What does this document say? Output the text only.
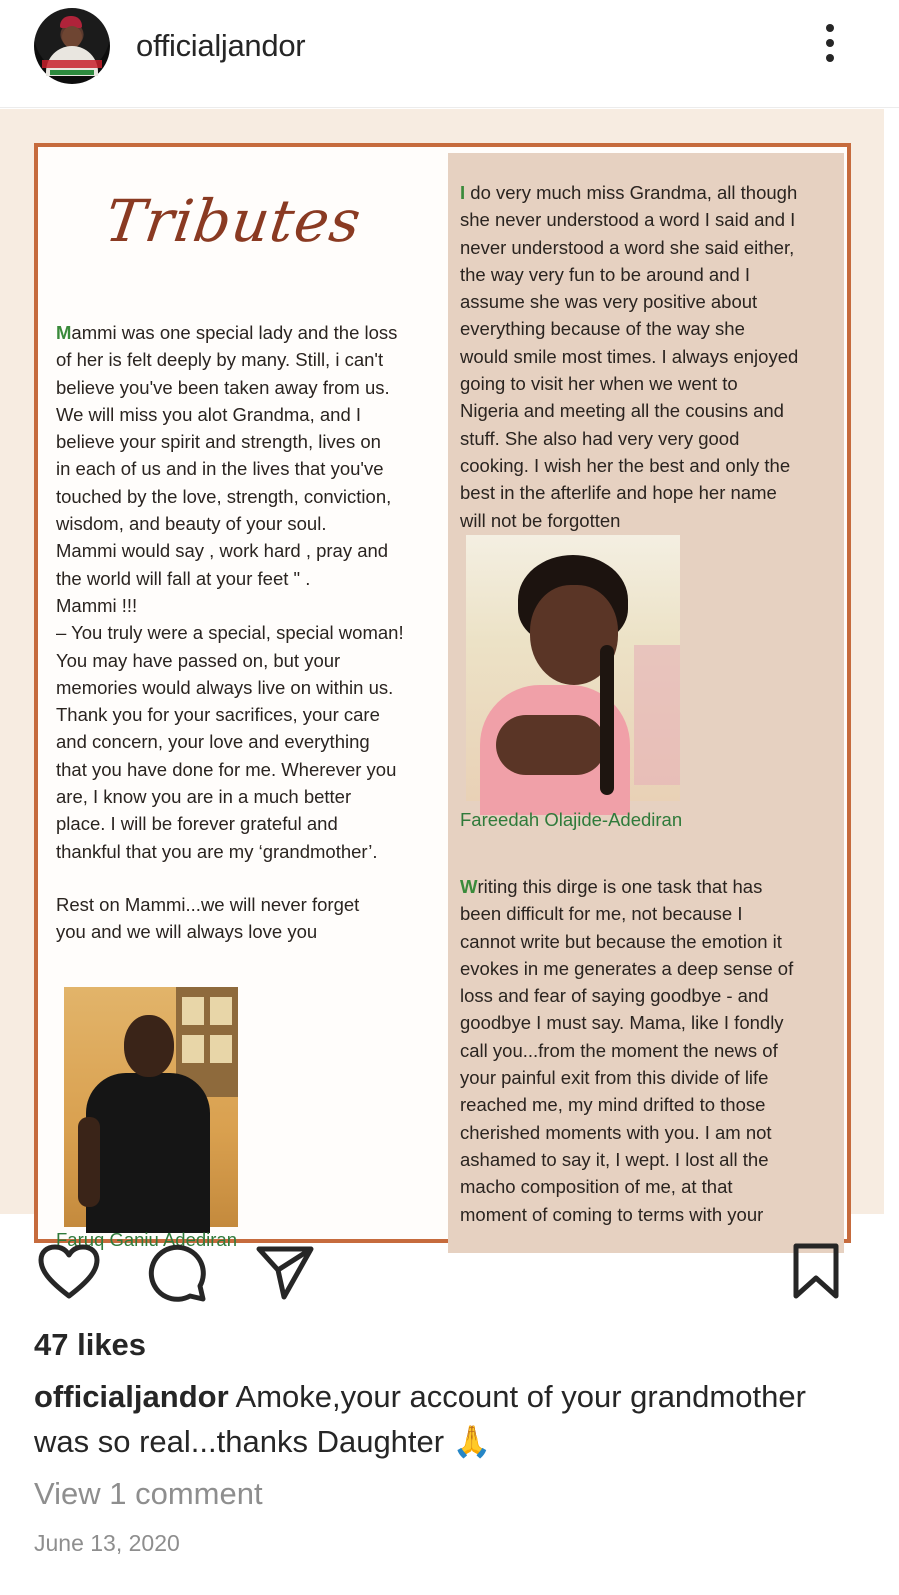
officialjandor
Tributes

Mammi was one special lady and the loss
of her is felt deeply by many. Still, i can't
believe you've been taken away from us.
We will miss you alot Grandma, and I
believe your spirit and strength, lives on
in each of us and in the lives that you've
touched by the love, strength, conviction,
wisdom, and beauty of your soul.
Mammi would say , work hard , pray and
the world will fall at your feet " .
Mammi !!!
– You truly were a special, special woman!
You may have passed on, but your
memories would always live on within us.
Thank you for your sacrifices, your care
and concern, your love and everything
that you have done for me. Wherever you
are, I know you are in a much better
place. I will be forever grateful and
thankful that you are my ‘grandmother’.

Rest on Mammi...we will never forget
you and we will always love you

Faruq Ganiu Adediran

I do very much miss Grandma, all though
she never understood a word I said and I
never understood a word she said either,
the way very fun to be around and I
assume she was very positive about
everything because of the way she
would smile most times. I always enjoyed
going to visit her when we went to
Nigeria and meeting all the cousins and
stuff. She also had very very good
cooking. I wish her the best and only the
best in the afterlife and hope her name
will not be forgotten

Fareedah Olajide-Adediran

Writing this dirge is one task that has
been difficult for me, not because I
cannot write but because the emotion it
evokes in me generates a deep sense of
loss and fear of saying goodbye - and
goodbye I must say. Mama, like I fondly
call you...from the moment the news of
your painful exit from this divide of life
reached me, my mind drifted to those
cherished moments with you. I am not
ashamed to say it, I wept. I lost all the
macho composition of me, at that
moment of coming to terms with your

47 likes
officialjandor Amoke,your account of your grandmother was so real...thanks Daughter 🙏
View 1 comment
June 13, 2020
